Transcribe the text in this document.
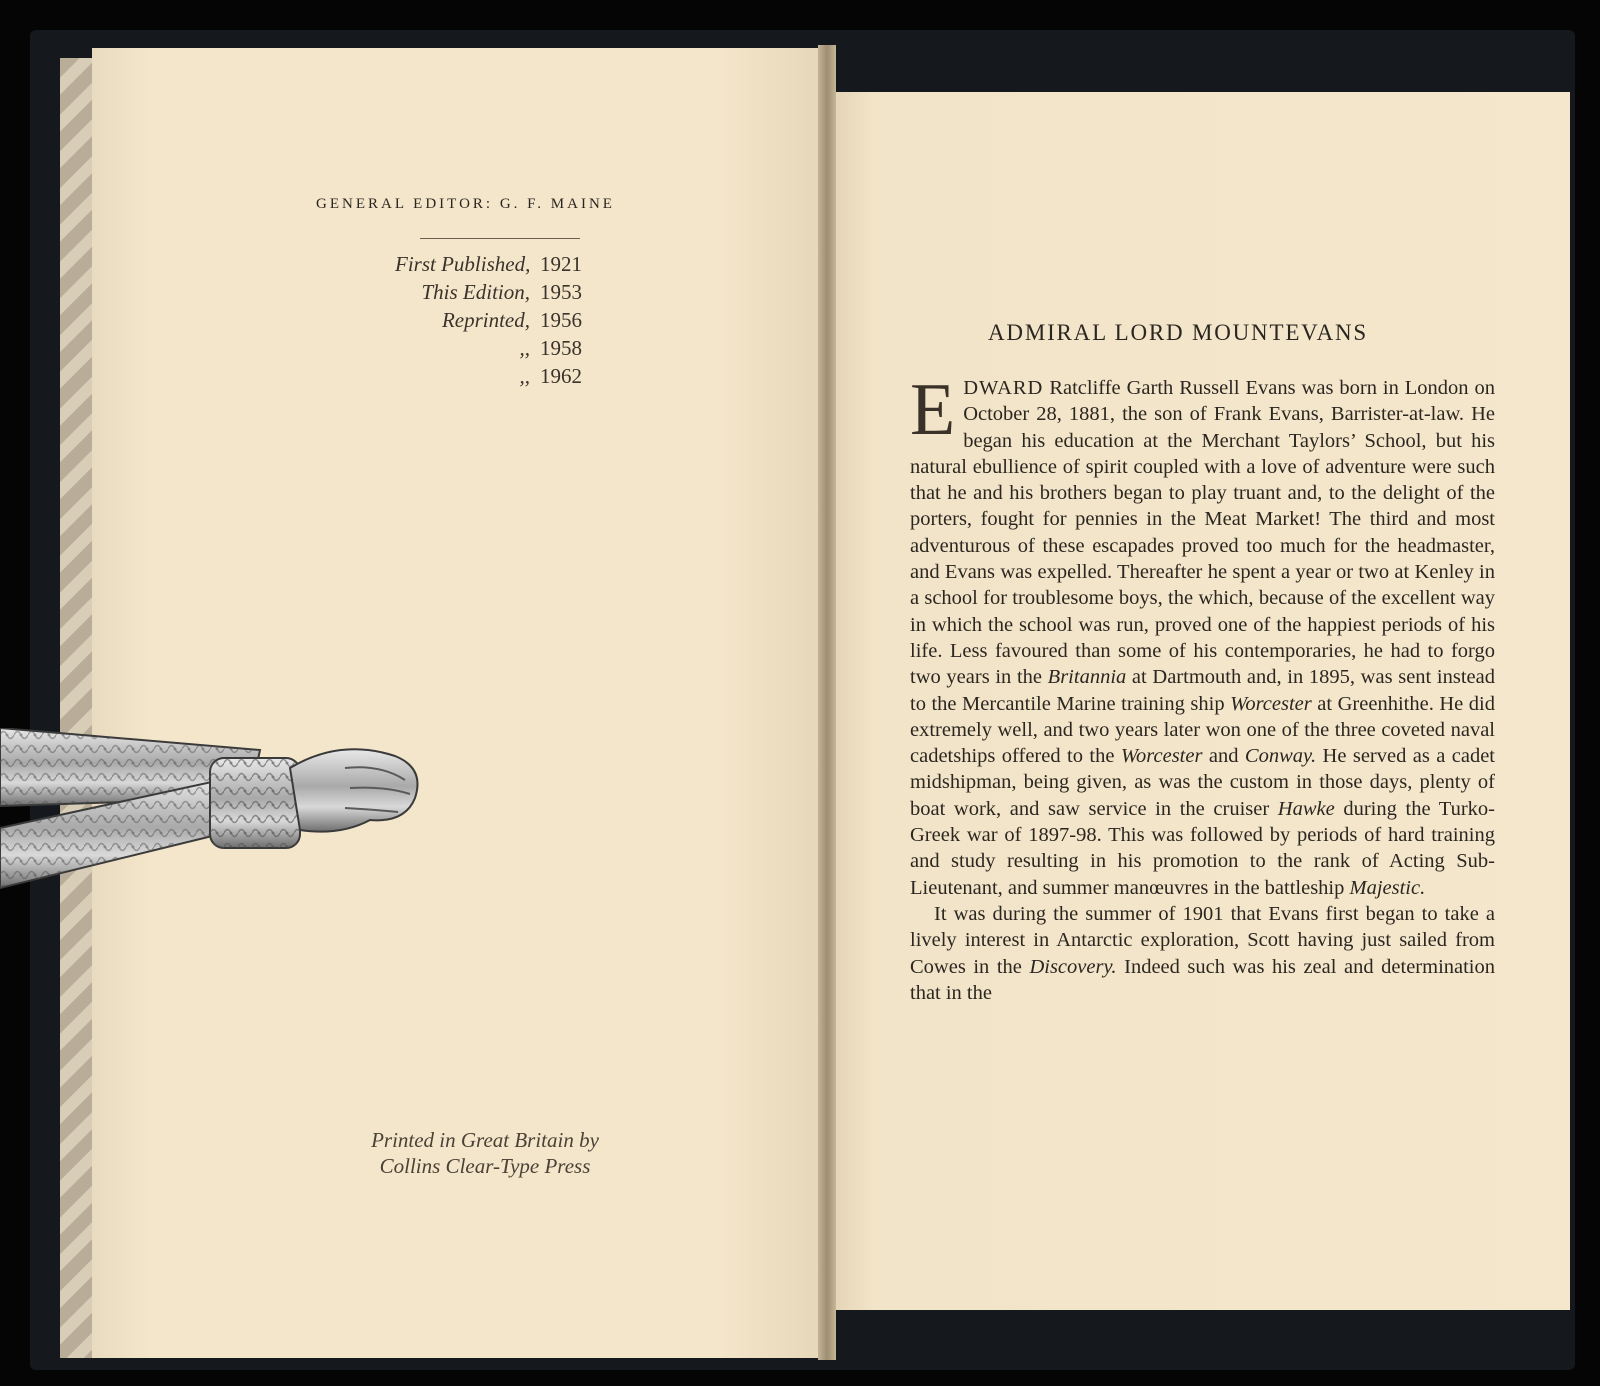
GENERAL EDITOR: G. F. MAINE
First Published, 1921
This Edition, 1953
Reprinted, 1956
,, 1958
,, 1962
Printed in Great Britain by
Collins Clear-Type Press
ADMIRAL LORD MOUNTEVANS

E DWARD Ratcliffe Garth Russell Evans was born in London on October 28, 1881, the son of Frank Evans, Barrister-at-law. He began his education at the Merchant Taylors’ School, but his natural ebullience of spirit coupled with a love of adventure were such that he and his brothers began to play truant and, to the delight of the porters, fought for pennies in the Meat Market! The third and most adventurous of these escapades proved too much for the headmaster, and Evans was expelled. Thereafter he spent a year or two at Kenley in a school for troublesome boys, the which, because of the excellent way in which the school was run, proved one of the happiest periods of his life. Less favoured than some of his contemporaries, he had to forgo two years in the Britannia at Dartmouth and, in 1895, was sent instead to the Mercantile Marine training ship Worcester at Greenhithe. He did extremely well, and two years later won one of the three coveted naval cadetships offered to the Worcester and Conway. He served as a cadet midshipman, being given, as was the custom in those days, plenty of boat work, and saw service in the cruiser Hawke during the Turko-Greek war of 1897-98. This was followed by periods of hard training and study resulting in his promotion to the rank of Acting Sub-Lieutenant, and summer manœuvres in the battleship Majestic.

It was during the summer of 1901 that Evans first began to take a lively interest in Antarctic exploration, Scott having just sailed from Cowes in the Discovery. Indeed such was his zeal and determination that in the
